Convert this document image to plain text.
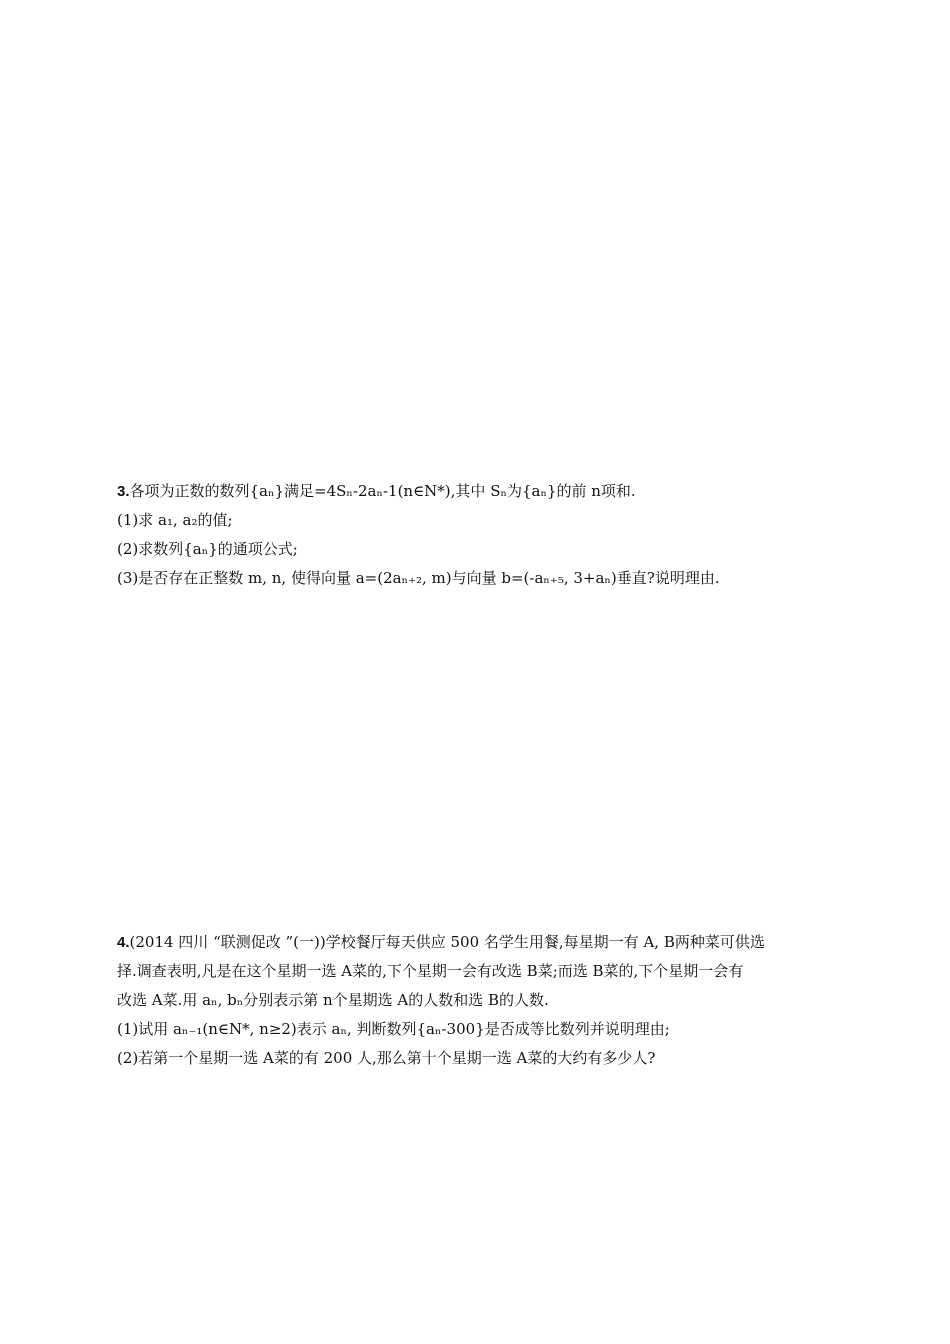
3.各项为正数的数列{aₙ}满足=4Sₙ-2aₙ-1(n∈N*),其中 Sₙ为{aₙ}的前 n项和.
(1)求 a₁, a₂的值;
(2)求数列{aₙ}的通项公式;
(3)是否存在正整数 m, n, 使得向量 a=(2aₙ₊₂, m)与向量 b=(-aₙ₊₅, 3+aₙ)垂直?说明理由.
4.(2014 四川 “联测促改 ”(一))学校餐厅每天供应 500 名学生用餐,每星期一有 A, B两种菜可供选
择.调查表明,凡是在这个星期一选 A菜的,下个星期一会有改选 B菜;而选 B菜的,下个星期一会有
改选 A菜.用 aₙ, bₙ分别表示第 n个星期选 A的人数和选 B的人数.
(1)试用 aₙ₋₁(n∈N*, n≥2)表示 aₙ, 判断数列{aₙ-300}是否成等比数列并说明理由;
(2)若第一个星期一选 A菜的有 200 人,那么第十个星期一选 A菜的大约有多少人?
